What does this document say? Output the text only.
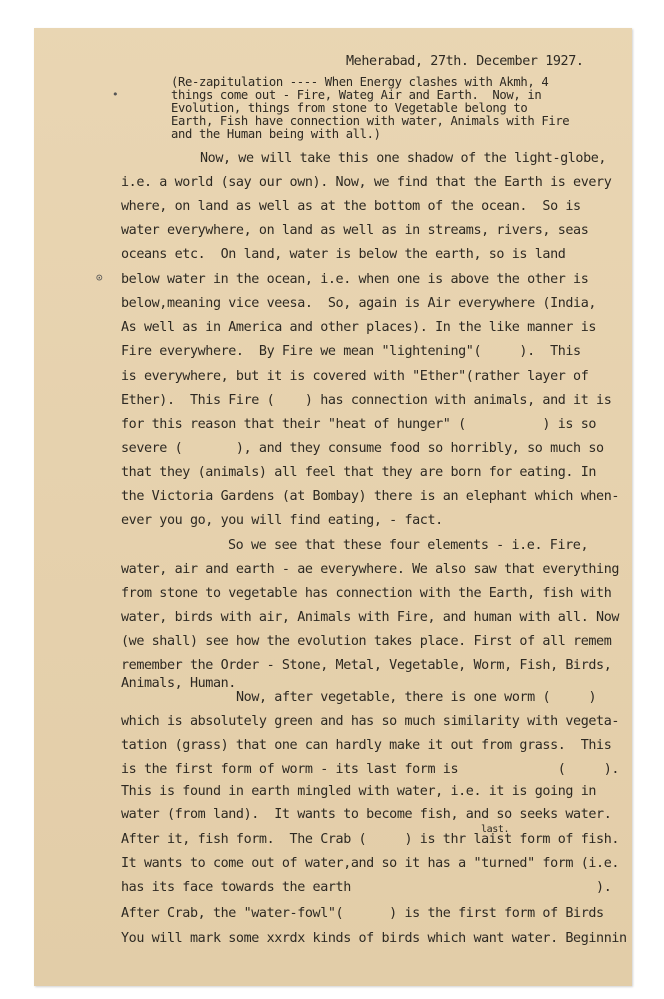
•
⊙
Meherabad, 27th. December 1927.
(Re-zapitulation ---- When Energy clashes with Akmh, 4
things come out - Fire, Wateg Air and Earth.  Now, in
Evolution, things from stone to Vegetable belong to
Earth, Fish have connection with water, Animals with Fire
and the Human being with all.)
Now, we will take this one shadow of the light-globe,
i.e. a world (say our own). Now, we find that the Earth is every
where, on land as well as at the bottom of the ocean.  So is
water everywhere, on land as well as in streams, rivers, seas
oceans etc.  On land, water is below the earth, so is land
below water in the ocean, i.e. when one is above the other is
below,meaning vice veesa.  So, again is Air everywhere (India,
As well as in America and other places). In the like manner is
Fire everywhere.  By Fire we mean "lightening"(     ).  This
is everywhere, but it is covered with "Ether"(rather layer of
Ether).  This Fire (    ) has connection with animals, and it is
for this reason that their "heat of hunger" (          ) is so
severe (       ), and they consume food so horribly, so much so
that they (animals) all feel that they are born for eating. In
the Victoria Gardens (at Bombay) there is an elephant which when-
ever you go, you will find eating, - fact.
So we see that these four elements - i.e. Fire,
water, air and earth - ae everywhere. We also saw that everything
from stone to vegetable has connection with the Earth, fish with
water, birds with air, Animals with Fire, and human with all. Now
(we shall) see how the evolution takes place. First of all remem
remember the Order - Stone, Metal, Vegetable, Worm, Fish, Birds,
Animals, Human.
Now, after vegetable, there is one worm (     )
which is absolutely green and has so much similarity with vegeta-
tation (grass) that one can hardly make it out from grass.  This
is the first form of worm - its last form is             (     ).
This is found in earth mingled with water, i.e. it is going in
water (from land).  It wants to become fish, and so seeks water.
last.
After it, fish form.  The Crab (     ) is thr laist form of fish.
It wants to come out of water,and so it has a "turned" form (i.e.
has its face towards the earth                                ).
After Crab, the "water-fowl"(      ) is the first form of Birds
You will mark some xxrdx kinds of birds which want water. Beginnin
